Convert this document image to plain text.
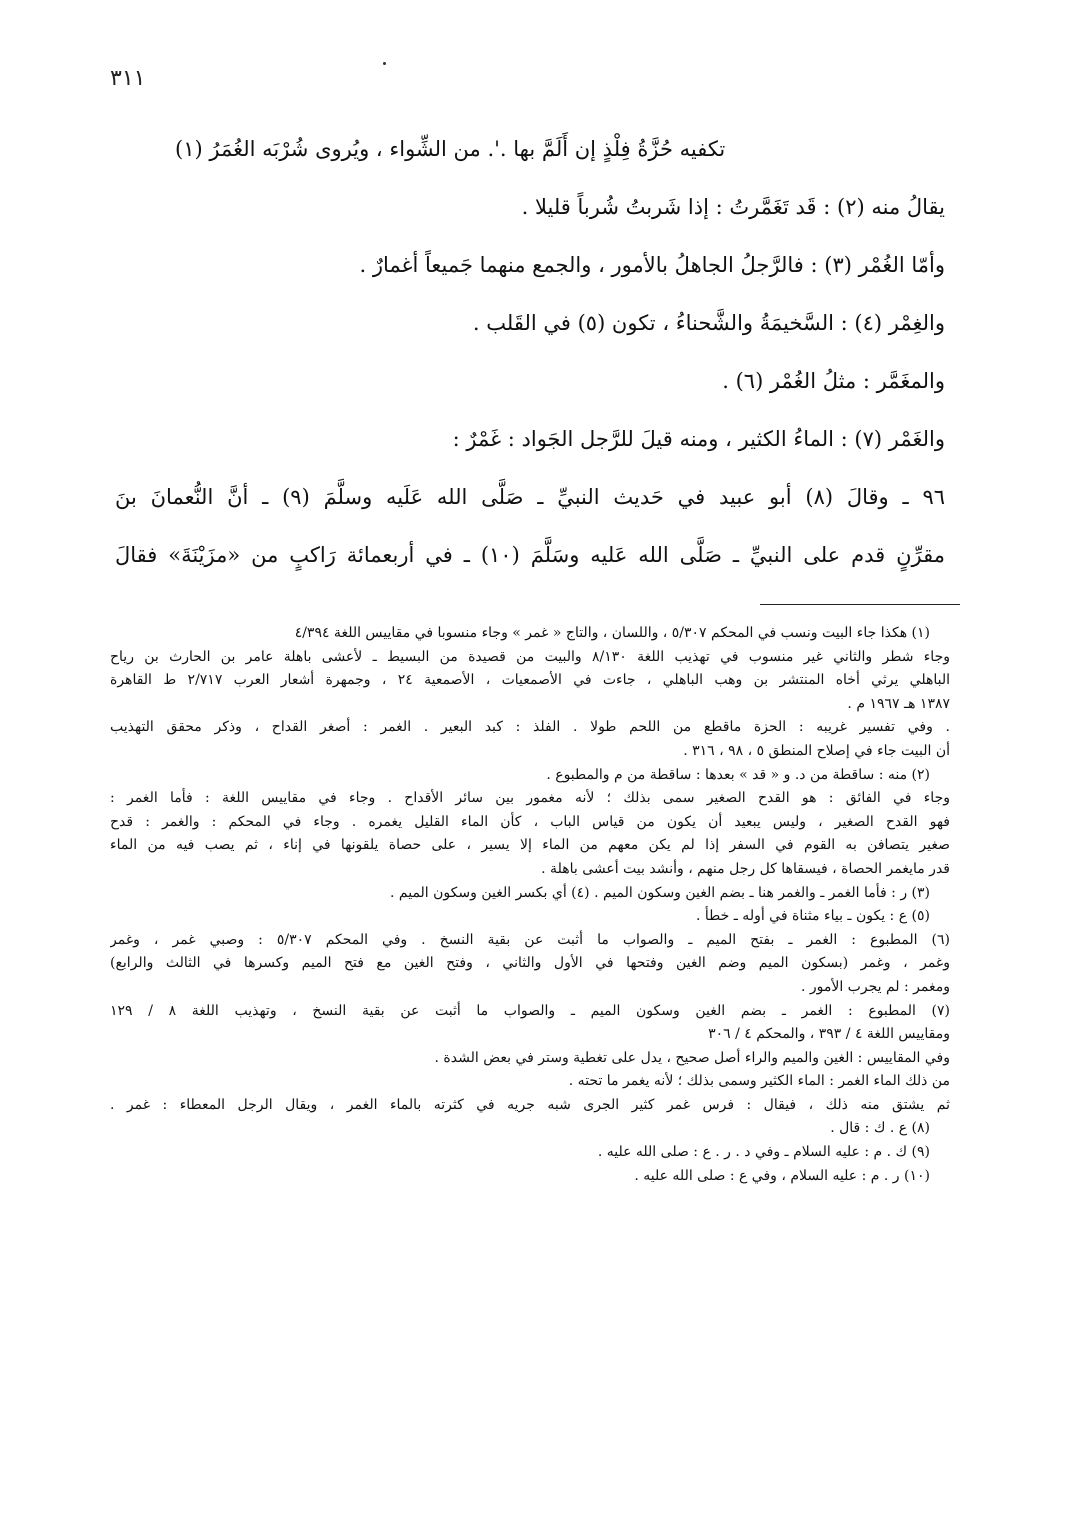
٣١١
تكفيه حُزَّةُ فِلْذٍ إن أَلَمَّ بها .'. من الشِّواء ، ويُروى شُرْبَه الغُمَرُ (١)
يقالُ منه (٢) : قَد تَغَمَّرتُ : إذا شَربتُ شُرباً قليلا .
وأمّا الغُمْر (٣) : فالرَّجلُ الجاهلُ بالأمور ، والجمع منهما جَميعاً أغمارٌ .
والغِمْر (٤) : السَّخيمَةُ والشَّحناءُ ، تكون (٥) في القَلب .
والمغَمَّر : مثلُ الغُمْر (٦) .
والغَمْر (٧) : الماءُ الكثير ، ومنه قيلَ للرَّجل الجَواد : غَمْرٌ :
٩٦ ـ وقالَ (٨) أبو عبيد في حَديث النبيِّ ـ صَلَّى الله عَلَيه وسلَّمَ (٩) ـ أنَّ النُّعمانَ بنَ
مقرِّنٍ قدم على النبيِّ ـ صَلَّى الله عَليه وسَلَّمَ (١٠) ـ في أربعمائة رَاكبٍ من «مزَيْنَةَ» فقالَ
(١) هكذا جاء البيت ونسب في المحكم ٥/٣٠٧ ، واللسان ، والتاج « غمر » وجاء منسوبا في مقاييس اللغة ٤/٣٩٤
وجاء شطر والثاني غير منسوب في تهذيب اللغة ٨/١٣٠ والبيت من قصيدة من البسيط ـ لأعشى باهلة عامر بن الحارث بن رياح
الباهلي يرثي أخاه المنتشر بن وهب الباهلي ، جاءت في الأصمعيات ، الأصمعية ٢٤ ، وجمهرة أشعار العرب ٢/٧١٧ ط القاهرة
١٣٨٧ هـ ١٩٦٧ م .
. وفي تفسير غريبه : الحزة ماقطع من اللحم طولا . الفلذ : كبد البعير . الغمر : أصغر القداح ، وذكر محقق التهذيب
أن البيت جاء في إصلاح المنطق ٥ ، ٩٨ ، ٣١٦ .
(٢) منه : ساقطة من د. و « قد » بعدها : ساقطة من م والمطبوع .
وجاء في الفائق : هو القدح الصغير سمى بذلك ؛ لأنه مغمور بين سائر الأقداح . وجاء في مقاييس اللغة : فأما الغمر :
فهو القدح الصغير ، وليس يبعيد أن يكون من قياس الباب ، كأن الماء القليل يغمره . وجاء في المحكم : والغمر : قدح
صغير يتصافن به القوم في السفر إذا لم يكن معهم من الماء إلا يسير ، على حصاة يلقونها في إناء ، ثم يصب فيه من الماء
قدر مايغمر الحصاة ، فيسقاها كل رجل منهم ، وأنشد بيت أعشى باهلة .
(٣) ر : فأما الغمر ـ والغمر هنا ـ بضم الغين وسكون الميم . (٤) أي بكسر الغين وسكون الميم .
(٥) ع : يكون ـ بياء مثناة في أوله ـ خطأ .
(٦) المطبوع : الغمر ـ بفتح الميم ـ والصواب ما أثبت عن بقية النسخ . وفي المحكم ٥/٣٠٧ : وصبي غمر ، وغمر
وغمر ، وغمر (بسكون الميم وضم الغين وفتحها في الأول والثاني ، وفتح الغين مع فتح الميم وكسرها في الثالث والرابع)
ومغمر : لم يجرب الأمور .
(٧) المطبوع : الغمر ـ بضم الغين وسكون الميم ـ والصواب ما أثبت عن بقية النسخ ، وتهذيب اللغة ٨ / ١٢٩
ومقاييس اللغة ٤ / ٣٩٣ ، والمحكم ٤ / ٣٠٦
وفي المقاييس : الغين والميم والراء أصل صحيح ، يدل على تغطية وستر في بعض الشدة .
من ذلك الماء الغمر : الماء الكثير وسمى بذلك ؛ لأنه يغمر ما تحته .
ثم يشتق منه ذلك ، فيقال : فرس غمر كثير الجرى شبه جريه في كثرته بالماء الغمر ، ويقال الرجل المعطاء : غمر .
(٨) ع . ك : قال .
(٩) ك . م : عليه السلام ـ وفي د . ر . ع : صلى الله عليه .
(١٠) ر . م : عليه السلام ، وفي ع : صلى الله عليه .
